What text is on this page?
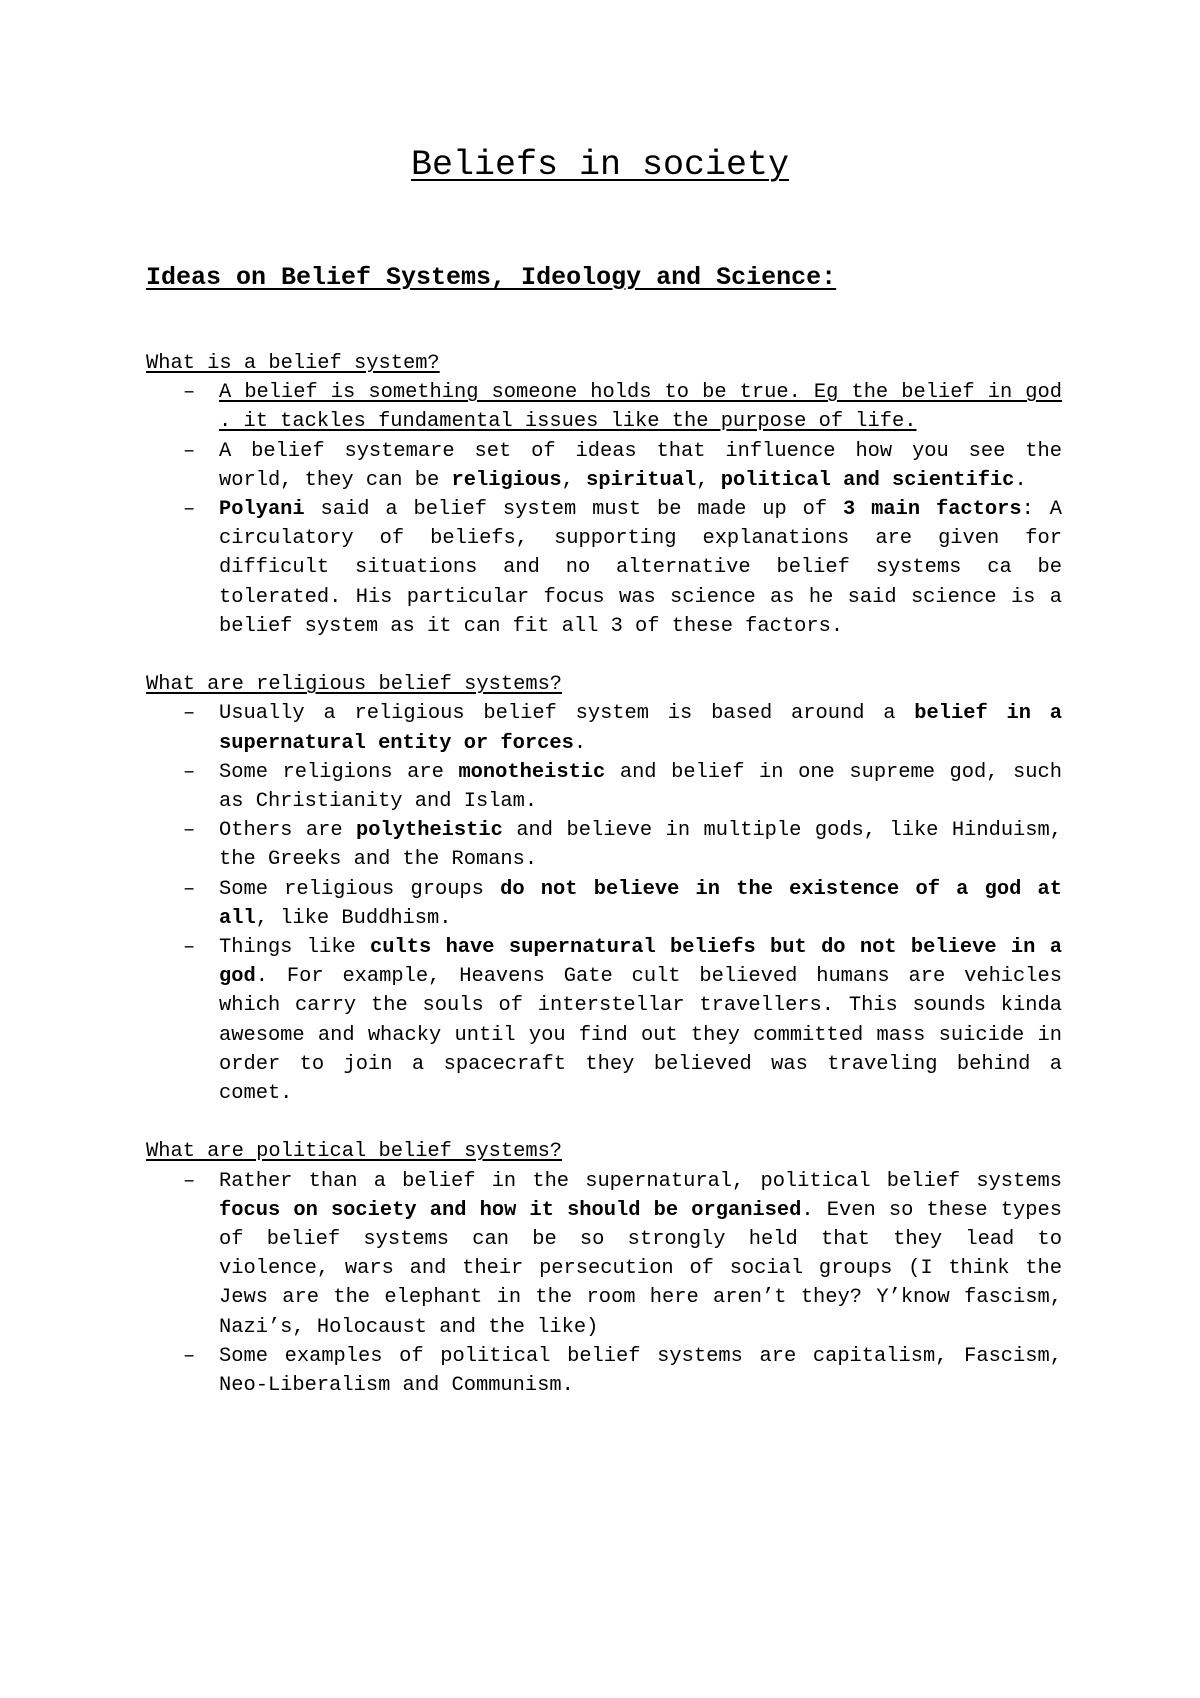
Beliefs in society
Ideas on Belief Systems, Ideology and Science:

What is a belief system?

– A belief is something someone holds to be true. Eg the belief in god . it tackles fundamental issues like the purpose of life.
– A belief systemare set of ideas that influence how you see the world, they can be religious, spiritual, political and scientific.
– Polyani said a belief system must be made up of 3 main factors: A circulatory of beliefs, supporting explanations are given for difficult situations and no alternative belief systems ca be tolerated. His particular focus was science as he said science is a belief system as it can fit all 3 of these factors.

What are religious belief systems?

– Usually a religious belief system is based around a belief in a supernatural entity or forces.
– Some religions are monotheistic and belief in one supreme god, such as Christianity and Islam.
– Others are polytheistic and believe in multiple gods, like Hinduism, the Greeks and the Romans.
– Some religious groups do not believe in the existence of a god at all, like Buddhism.
– Things like cults have supernatural beliefs but do not believe in a god. For example, Heavens Gate cult believed humans are vehicles which carry the souls of interstellar travellers. This sounds kinda awesome and whacky until you find out they committed mass suicide in order to join a spacecraft they believed was traveling behind a comet.

What are political belief systems?

– Rather than a belief in the supernatural, political belief systems focus on society and how it should be organised. Even so these types of belief systems can be so strongly held that they lead to violence, wars and their persecution of social groups (I think the Jews are the elephant in the room here aren’t they? Y’know fascism, Nazi’s, Holocaust and the like)
– Some examples of political belief systems are capitalism, Fascism, Neo-Liberalism and Communism.
